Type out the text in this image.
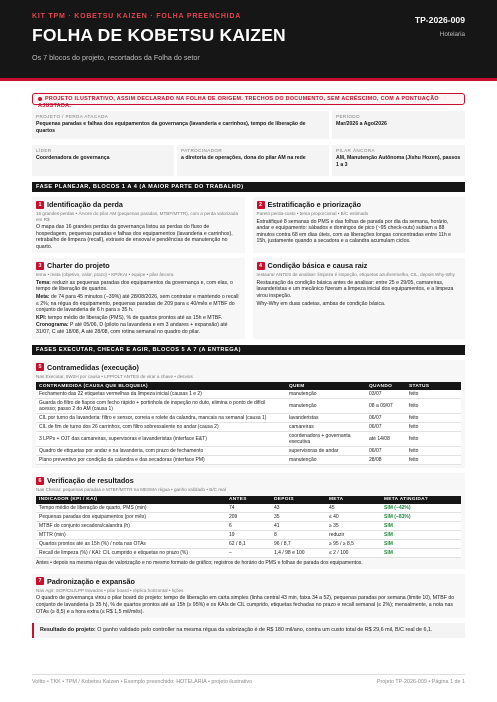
KIT TPM · KOBETSU KAIZEN · FOLHA PREENCHIDA
FOLHA DE KOBETSU KAIZEN
Os 7 blocos do projeto, recortados da Folha do setor
TP-2026-009
Hotelaria
PROJETO ILUSTRATIVO, ASSIM DECLARADO NA FOLHA DE ORIGEM. TRECHOS DO DOCUMENTO, SEM ACRÉSCIMO, COM A PONTUAÇÃO AJUSTADA.
PROJETO / PERDA ATACADA
Pequenas paradas e falhas dos equipamentos da governança (lavanderia e carrinhos), tempo de liberação de quartos
PERÍODO
Mar/2026 a Ago/2026
LÍDER
Coordenadora de governança
PATROCINADOR
a diretoria de operações, dona do pilar AM na rede
PILAR ÂNCORA
AM, Manutenção Autônoma (Jishu Hozen), passos 1 a 3
FASE PLANEJAR, BLOCOS 1 A 4 (A MAIOR PARTE DO TRABALHO)
1 Identificação da perda
16 grandes perdas • Árvore do pilar AM (pequenas paradas, MTBF/MTTR), com a perda valorizada em R$
O mapa das 16 grandes perdas da governança listou as perdas do fluxo de hospedagem, pequenas paradas e falhas dos equipamentos (lavanderia e carrinhos), retrabalho de limpeza (recall), extravio de enxoval e pendências de manutenção no quarto.
2 Estratificação e priorização
Pareto perda-custo • tema proporcional • B/C estimado
Estratifiqué 8 semanas do PMS e das folhas de parada por dia da semana, horário, andar e equipamento: sábados e domingos de pico (~95 check-outs) subiam a 88 minutos contra 68 em dias úteis, com as liberações longas concentradas entre 11h e 15h, justamente quando a secadora e a calandra acumulam ciclos.
3 Charter do projeto
tema • meta (objetivo, valor, prazo) • KPI/KAI • equipe • pilar âncora

Tema: reduzir as pequenas paradas dos equipamentos da governança e, com elas, o tempo de liberação de quartos.

Meta: de 74 para 45 minutos (−39%) até 28/08/2026, sem contratar e mantendo o recall ≤ 2%; na régua do equipamento, pequenas paradas de 209 para ≤ 40/mês e MTBF do conjunto de lavanderia de 6 h para ≥ 35 h.

KPI: tempo médio de liberação (PMS), % de quartos prontos até as 15h e MTBF.

Cronograma: P até 05/06, D (piloto na lavanderia e em 3 andares + expansão) até 31/07, C até 18/08, A até 28/08, com rotina semanal no quadro do pilar.

4 Condição básica e causa raiz
restaurar ANTES de analisar: limpeza é inspeção, etiquetas azul/vermelha, CIL, depois Why-Why

Restauração da condição básica antes de analisar: entre 25 e 29/05, camareiras, lavanderistas e um mecânico fizeram a limpeza inicial dos equipamentos, e a limpeza virou inspeção.

Why-Why em duas cadeias, ambas de condição básica.

FASES EXECUTAR, CHECAR E AGIR, BLOCOS 5 A 7 (A ENTREGA)
5 Contramedidas (execução)
Nas Executar, 5W2H por causa • LPP/OLT ANTES de virar a chave • desvios
CONTRAMEDIDA (CAUSA QUE BLOQUEIA)	QUEM	QUANDO	STATUS
Fechamento das 22 etiquetas vermelhas da limpeza inicial (causas 1 e 2)	manutenção	03/07	feito
Guarda do filtro de fiapos com fecho rápido + portinhola de inspeção no duto, elimina o ponto de difícil acesso; passo 2 do AM (causa 1)	manutenção	08 a 09/07	feito
CIL por turno da lavanderia: filtro e sensor, correia e rolete da calandra, mancais na semanal (causa 1)	lavanderistas	06/07	feito
CIL de fim de turno dos 26 carrinhos, com filtro sobressalente no andar (causa 2)	camareiras	06/07	feito
3 LPPs + OJT das camareiras, supervisoras e lavanderistas (interface E&T)	coordenadora + governanta executiva	até 14/08	feito
Quadro de etiquetas por andar e na lavanderia, com prazo de fechamento	supervisoras de andar	06/07	feito
Plano preventivo por condição da calandra e das secadoras (interface PM)	manutenção	28/08	feito
6 Verificação de resultados
Nas Checar: pequenas paradas e MTBF/MTTR na MESMA régua • ganho validado • B/C real
INDICADOR (KPI / KAI)	ANTES	DEPOIS	META	META ATINGIDA?
Tempo médio de liberação de quarto, PMS (min)	74	43	45	SIM (−42%)
Pequenas paradas dos equipamentos (por mês)	209	35	≤ 40	SIM (−83%)
MTBF do conjunto secadora/calandra (h)	6	41	≥ 35	SIM
MTTR (min)	19	8	reduzir	SIM
Quartos prontos até as 15h (%) / nota nas OTAs	62 / 8,1	96 / 8,7	≥ 95 / ≥ 8,5	SIM
Recall de limpeza (%) / KAI: CIL cumprido e etiquetas no prazo (%)	–	1,4 / 98 e 100	≤ 2 / 100	SIM
Antes • depois na mesma régua de valorização e no mesmo formato de gráfico; registros de horário do PMS e folhas de parada dos equipamentos.
7 Padronização e expansão
Nas Agir: SOP/CIL/LPP travados • pilar board • réplica horizontal • lições
O quadro de governança virou o pilar board do projeto: tempo de liberação em carta simples (linha central 43 min, faixa 34 a 52), pequenas paradas por semana (limite 10), MTBF do conjunto de lavanderia (≥ 35 h), % de quartos prontos até as 15h (≥ 95%) e os KAIs de CIL cumprido, etiquetas fechadas no prazo e recall semanal (≤ 2%); mensalmente, a nota nas OTAs (≥ 8,5) e a hora extra (≤ R$ 1,5 mil/mês).
Resultado do projeto: O ganho validado pelo controller na mesma régua da valorização é de R$ 180 mil/ano, contra um custo total de R$ 29,6 mil, B/C real de 6,1.
Voltto • TKK • TPM / Kobetsu Kaizen • Exemplo preenchido: HOTELARIA • projeto ilustrativo	Projeto TP-2026-009 • Página 1 de 1
